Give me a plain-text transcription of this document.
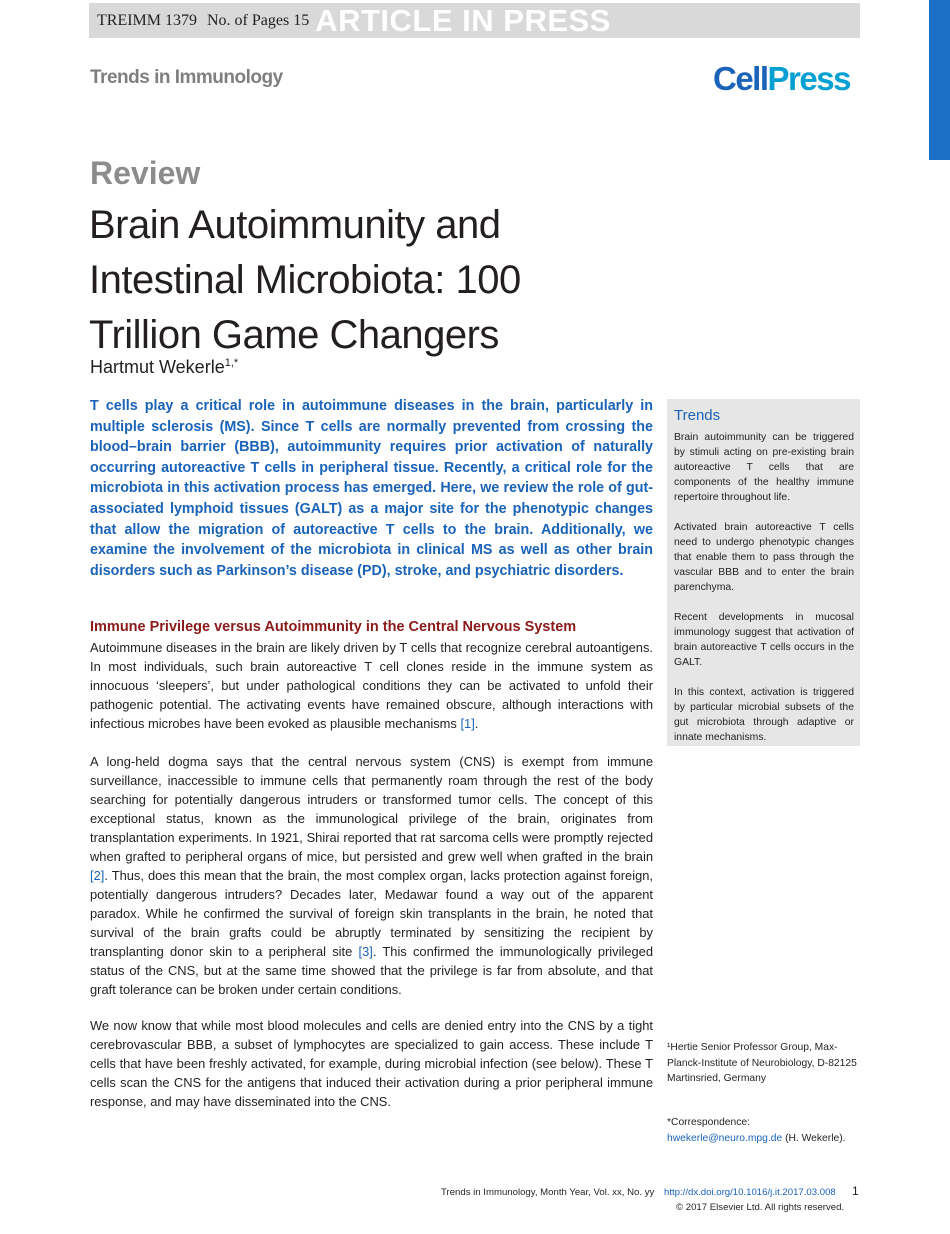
TREIMM 1379 No. of Pages 15 ARTICLE IN PRESS
Trends in Immunology	CellPress
Review
Brain Autoimmunity and Intestinal Microbiota: 100 Trillion Game Changers
Hartmut Wekerle$^{1,*}$
T cells play a critical role in autoimmune diseases in the brain, particularly in multiple sclerosis (MS). Since T cells are normally prevented from crossing the blood–brain barrier (BBB), autoimmunity requires prior activation of naturally occurring autoreactive T cells in peripheral tissue. Recently, a critical role for the microbiota in this activation process has emerged. Here, we review the role of gut-associated lymphoid tissues (GALT) as a major site for the phenotypic changes that allow the migration of autoreactive T cells to the brain. Additionally, we examine the involvement of the microbiota in clinical MS as well as other brain disorders such as Parkinson’s disease (PD), stroke, and psychiatric disorders.
Immune Privilege versus Autoimmunity in the Central Nervous System

Autoimmune diseases in the brain are likely driven by T cells that recognize cerebral autoantigens. In most individuals, such brain autoreactive T cell clones reside in the immune system as innocuous ‘sleepers’, but under pathological conditions they can be activated to unfold their pathogenic potential. The activating events have remained obscure, although interactions with infectious microbes have been evoked as plausible mechanisms [1].

A long-held dogma says that the central nervous system (CNS) is exempt from immune surveillance, inaccessible to immune cells that permanently roam through the rest of the body searching for potentially dangerous intruders or transformed tumor cells. The concept of this exceptional status, known as the immunological privilege of the brain, originates from transplantation experiments. In 1921, Shirai reported that rat sarcoma cells were promptly rejected when grafted to peripheral organs of mice, but persisted and grew well when grafted in the brain [2]. Thus, does this mean that the brain, the most complex organ, lacks protection against foreign, potentially dangerous intruders? Decades later, Medawar found a way out of the apparent paradox. While he confirmed the survival of foreign skin transplants in the brain, he noted that survival of the brain grafts could be abruptly terminated by sensitizing the recipient by transplanting donor skin to a peripheral site [3]. This confirmed the immunologically privileged status of the CNS, but at the same time showed that the privilege is far from absolute, and that graft tolerance can be broken under certain conditions.

We now know that while most blood molecules and cells are denied entry into the CNS by a tight cerebrovascular BBB, a subset of lymphocytes are specialized to gain access. These include T cells that have been freshly activated, for example, during microbial infection (see below). These T cells scan the CNS for the antigens that induced their activation during a prior peripheral immune response, and may have disseminated into the CNS.

Trends
Brain autoimmunity can be triggered by stimuli acting on pre-existing brain autoreactive T cells that are components of the healthy immune repertoire throughout life.
Activated brain autoreactive T cells need to undergo phenotypic changes that enable them to pass through the vascular BBB and to enter the brain parenchyma.
Recent developments in mucosal immunology suggest that activation of brain autoreactive T cells occurs in the GALT.
In this context, activation is triggered by particular microbial subsets of the gut microbiota through adaptive or innate mechanisms.
¹Hertie Senior Professor Group, Max-Planck-Institute of Neurobiology, D-82125 Martinsried, Germany
*Correspondence:
hwekerle@neuro.mpg.de (H. Wekerle).
Trends in Immunology, Month Year, Vol. xx, No. yy http://dx.doi.org/10.1016/j.it.2017.03.008 1
© 2017 Elsevier Ltd. All rights reserved.
